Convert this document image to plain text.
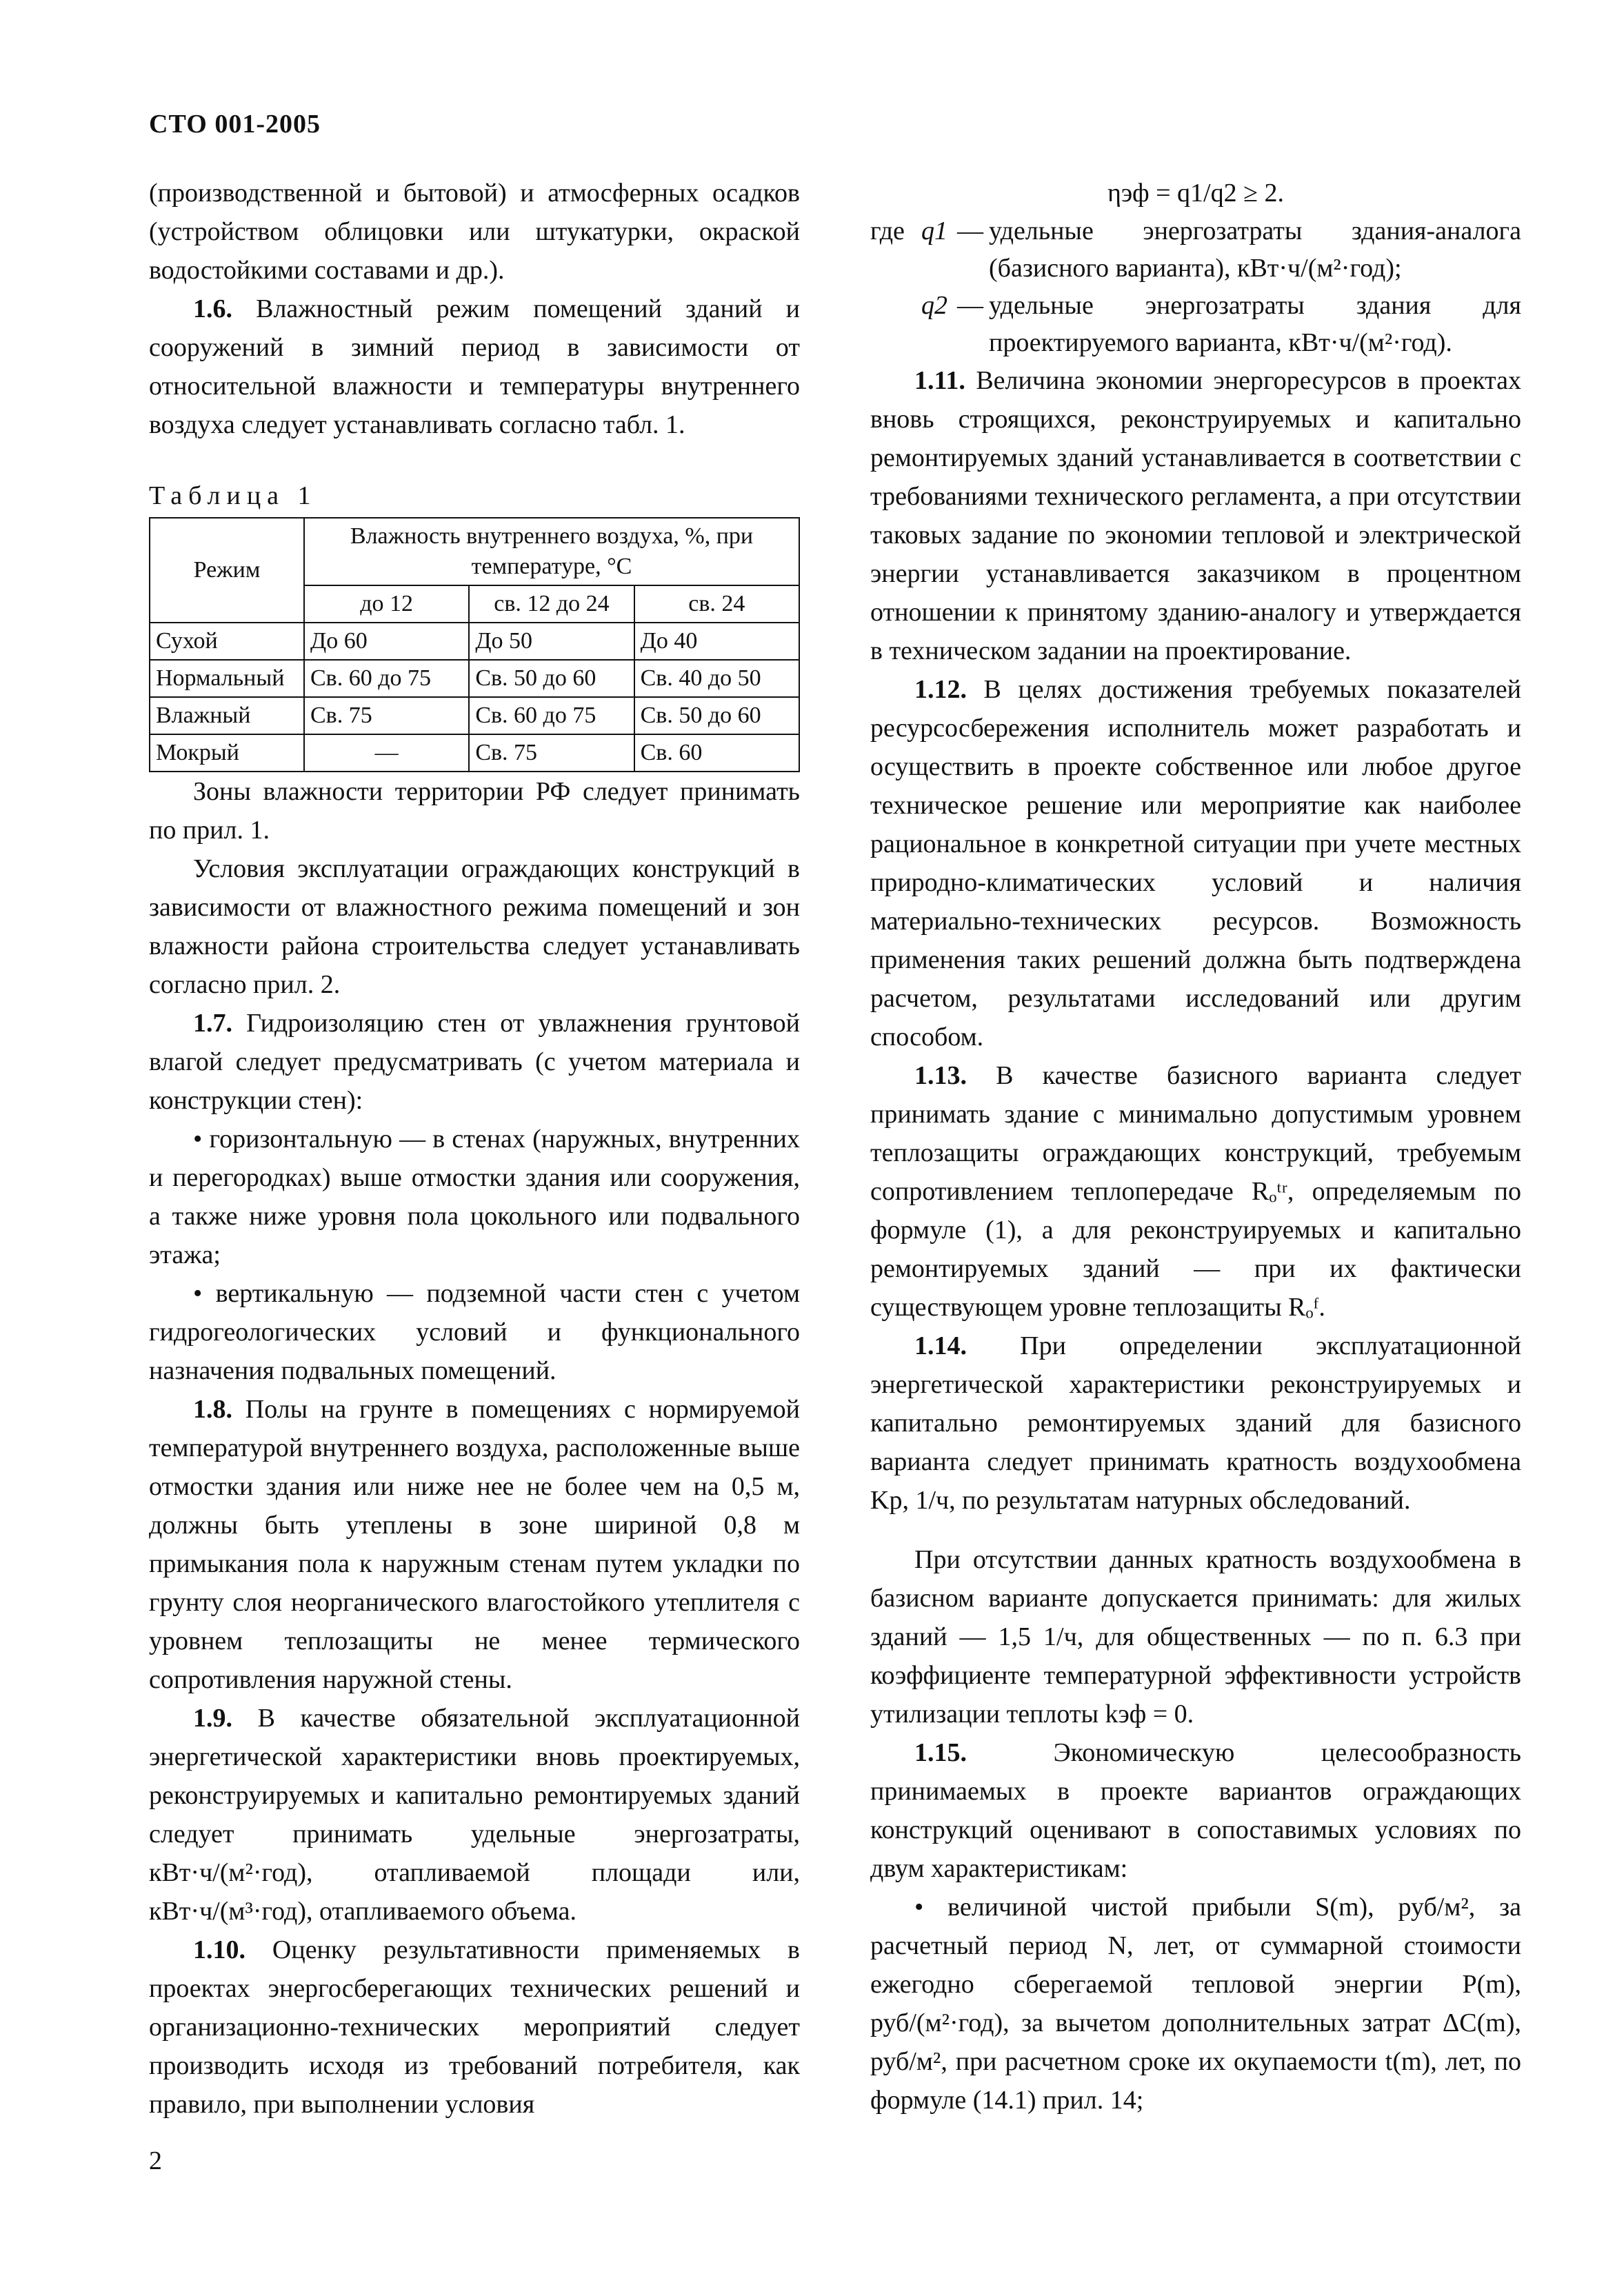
СТО 001-2005

(производственной и бытовой) и атмосферных осадков (устройством облицовки или штукатурки, окраской водостойкими составами и др.).

1.6. Влажностный режим помещений зданий и сооружений в зимний период в зависимости от относительной влажности и температуры внутреннего воздуха следует устанавливать согласно табл. 1.

Таблица 1
Режим	Влажность внутреннего воздуха, %, при температуре, °С		
	до 12	св. 12 до 24	св. 24
Сухой	До 60	До 50	До 40
Нормальный	Св. 60 до 75	Св. 50 до 60	Св. 40 до 50
Влажный	Св. 75	Св. 60 до 75	Св. 50 до 60
Мокрый	—	Св. 75	Св. 60

Зоны влажности территории РФ следует принимать по прил. 1.

Условия эксплуатации ограждающих конструкций в зависимости от влажностного режима помещений и зон влажности района строительства следует устанавливать согласно прил. 2.

1.7. Гидроизоляцию стен от увлажнения грунтовой влагой следует предусматривать (с учетом материала и конструкции стен):

• горизонтальную — в стенах (наружных, внутренних и перегородках) выше отмостки здания или сооружения, а также ниже уровня пола цокольного или подвального этажа;

• вертикальную — подземной части стен с учетом гидрогеологических условий и функционального назначения подвальных помещений.

1.8. Полы на грунте в помещениях с нормируемой температурой внутреннего воздуха, расположенные выше отмостки здания или ниже нее не более чем на 0,5 м, должны быть утеплены в зоне шириной 0,8 м примыкания пола к наружным стенам путем укладки по грунту слоя неорганического влагостойкого утеплителя с уровнем теплозащиты не менее термического сопротивления наружной стены.

1.9. В качестве обязательной эксплуатационной энергетической характеристики вновь проектируемых, реконструируемых и капитально ремонтируемых зданий следует принимать удельные энергозатраты, кВт·ч/(м²·год), отапливаемой площади или, кВт·ч/(м³·год), отапливаемого объема.

1.10. Оценку результативности применяемых в проектах энергосберегающих технических решений и организационно-технических мероприятий следует производить исходя из требований потребителя, как правило, при выполнении условия

ηэф = q1/q2 ≥ 2.

где q1 — удельные энергозатраты здания-аналога (базисного варианта), кВт·ч/(м²·год);
q2 — удельные энергозатраты здания для проектируемого варианта, кВт·ч/(м²·год).

1.11. Величина экономии энергоресурсов в проектах вновь строящихся, реконструируемых и капитально ремонтируемых зданий устанавливается в соответствии с требованиями технического регламента, а при отсутствии таковых задание по экономии тепловой и электрической энергии устанавливается заказчиком в процентном отношении к принятому зданию-аналогу и утверждается в техническом задании на проектирование.

1.12. В целях достижения требуемых показателей ресурсосбережения исполнитель может разработать и осуществить в проекте собственное или любое другое техническое решение или мероприятие как наиболее рациональное в конкретной ситуации при учете местных природно-климатических условий и наличия материально-технических ресурсов. Возможность применения таких решений должна быть подтверждена расчетом, результатами исследований или другим способом.

1.13. В качестве базисного варианта следует принимать здание с минимально допустимым уровнем теплозащиты ограждающих конструкций, требуемым сопротивлением теплопередаче Rₒᵗʳ, определяемым по формуле (1), а для реконструируемых и капитально ремонтируемых зданий — при их фактически существующем уровне теплозащиты Rₒᶠ.

1.14. При определении эксплуатационной энергетической характеристики реконструируемых и капитально ремонтируемых зданий для базисного варианта следует принимать кратность воздухообмена Kр, 1/ч, по результатам натурных обследований.

При отсутствии данных кратность воздухообмена в базисном варианте допускается принимать: для жилых зданий — 1,5 1/ч, для общественных — по п. 6.3 при коэффициенте температурной эффективности устройств утилизации теплоты kэф = 0.

1.15. Экономическую целесообразность принимаемых в проекте вариантов ограждающих конструкций оценивают в сопоставимых условиях по двум характеристикам:

• величиной чистой прибыли S(m), руб/м², за расчетный период N, лет, от суммарной стоимости ежегодно сберегаемой тепловой энергии P(m), руб/(м²·год), за вычетом дополнительных затрат ΔC(m), руб/м², при расчетном сроке их окупаемости t(m), лет, по формуле (14.1) прил. 14;

2
